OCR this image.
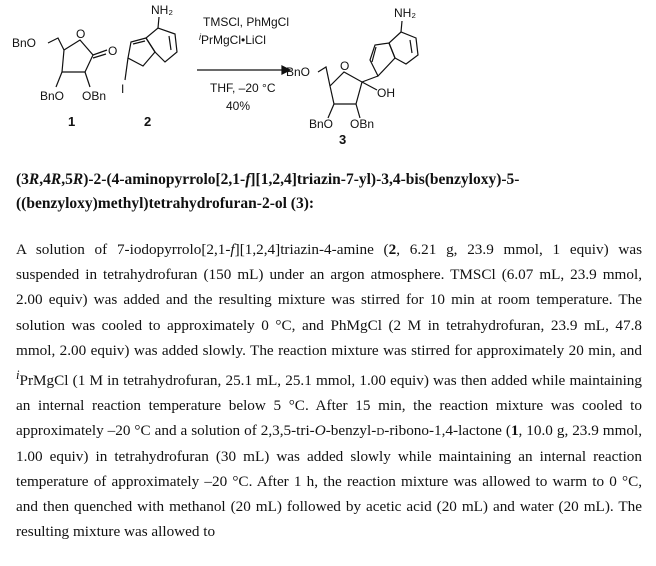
BnO
O
O
BnO OBn
1
NH₂
I
2
TMSCl, PhMgCl
$^i$PrMgCl•LiCl
THF, –20 °C
40%
NH₂
BnO O
OH
BnO OBn
3

(3R,4R,5R)-2-(4-aminopyrrolo[2,1-f][1,2,4]triazin-7-yl)-3,4-bis(benzyloxy)-5-((benzyloxy)methyl)tetrahydrofuran-2-ol (3):

A solution of 7-iodopyrrolo[2,1-f][1,2,4]triazin-4-amine (2, 6.21 g, 23.9 mmol, 1 equiv) was suspended in tetrahydrofuran (150 mL) under an argon atmosphere. TMSCl (6.07 mL, 23.9 mmol, 2.00 equiv) was added and the resulting mixture was stirred for 10 min at room temperature. The solution was cooled to approximately 0 °C, and PhMgCl (2 M in tetrahydrofuran, 23.9 mL, 47.8 mmol, 2.00 equiv) was added slowly. The reaction mixture was stirred for approximately 20 min, and $^i$PrMgCl (1 M in tetrahydrofuran, 25.1 mL, 25.1 mmol, 1.00 equiv) was then added while maintaining an internal reaction temperature below 5 °C. After 15 min, the reaction mixture was cooled to approximately –20 °C and a solution of 2,3,5-tri-O-benzyl-d-ribono-1,4-lactone (1, 10.0 g, 23.9 mmol, 1.00 equiv) in tetrahydrofuran (30 mL) was added slowly while maintaining an internal reaction temperature of approximately –20 °C. After 1 h, the reaction mixture was allowed to warm to 0 °C, and then quenched with methanol (20 mL) followed by acetic acid (20 mL) and water (20 mL). The resulting mixture was allowed to
